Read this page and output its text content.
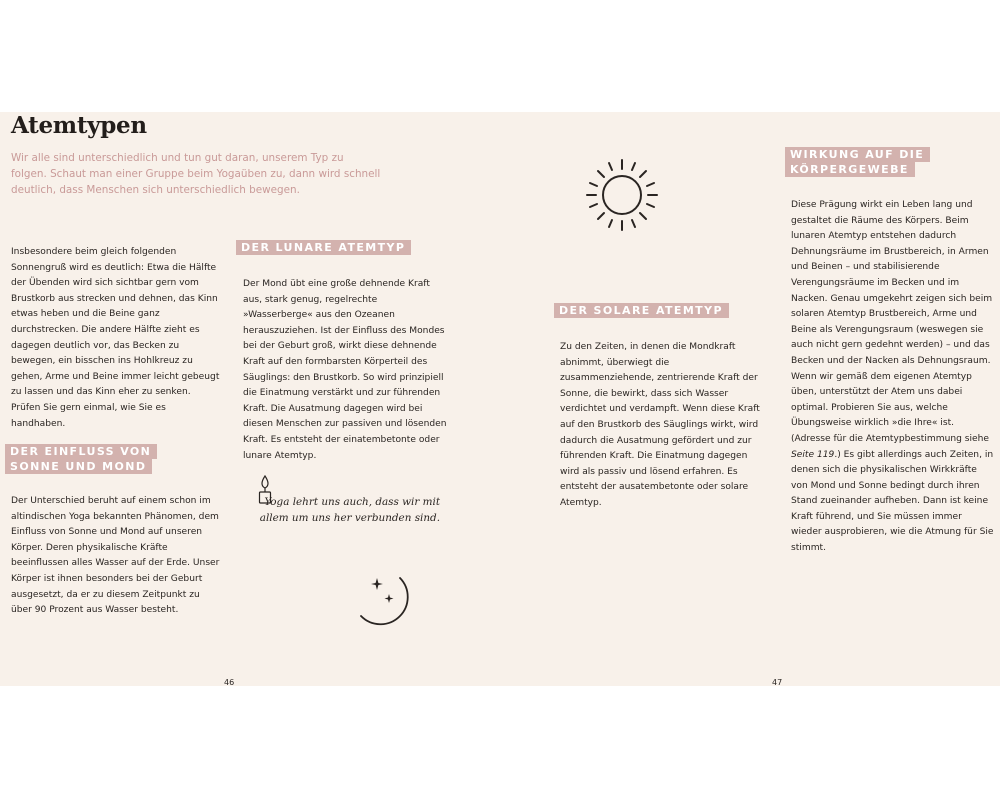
Atemtypen
Wir alle sind unterschiedlich und tun gut daran, unserem Typ zu folgen. Schaut man einer Gruppe beim Yogaüben zu, dann wird schnell deutlich, dass Menschen sich unterschiedlich bewegen.
Insbesondere beim gleich folgenden Sonnengruß wird es deutlich: Etwa die Hälfte der Übenden wird sich sichtbar gern vom Brustkorb aus strecken und dehnen, das Kinn etwas heben und die Beine ganz durchstrecken. Die andere Hälfte zieht es dagegen deutlich vor, das Becken zu bewegen, ein bisschen ins Hohlkreuz zu gehen, Arme und Beine immer leicht gebeugt zu lassen und das Kinn eher zu senken. Prüfen Sie gern einmal, wie Sie es handhaben.
DER EINFLUSS VON SONNE UND MOND
Der Unterschied beruht auf einem schon im altindischen Yoga bekannten Phänomen, dem Einfluss von Sonne und Mond auf unseren Körper. Deren physikalische Kräfte beeinflussen alles Wasser auf der Erde. Unser Körper ist ihnen besonders bei der Geburt ausgesetzt, da er zu diesem Zeitpunkt zu über 90 Prozent aus Wasser besteht.
DER LUNARE ATEMTYP
Der Mond übt eine große dehnende Kraft aus, stark genug, regelrechte »Wasserberge« aus den Ozeanen herauszuziehen. Ist der Einfluss des Mondes bei der Geburt groß, wirkt diese dehnende Kraft auf den formbarsten Körperteil des Säuglings: den Brustkorb. So wird prinzipiell die Einatmung verstärkt und zur führenden Kraft. Die Ausatmung dagegen wird bei diesen Menschen zur passiven und lösenden Kraft. Es entsteht der einatembetonte oder lunare Atemtyp.
Yoga lehrt uns auch, dass wir mit allem um uns her verbunden sind.
46
DER SOLARE ATEMTYP
Zu den Zeiten, in denen die Mondkraft abnimmt, überwiegt die zusammenziehende, zentrierende Kraft der Sonne, die bewirkt, dass sich Wasser verdichtet und verdampft. Wenn diese Kraft auf den Brustkorb des Säuglings wirkt, wird dadurch die Ausatmung gefördert und zur führenden Kraft. Die Einatmung dagegen wird als passiv und lösend erfahren. Es entsteht der ausatembetonte oder solare Atemtyp.
WIRKUNG AUF DIE KÖRPERGEWEBE
Diese Prägung wirkt ein Leben lang und gestaltet die Räume des Körpers. Beim lunaren Atemtyp entstehen dadurch Dehnungsräume im Brustbereich, in Armen und Beinen – und stabilisierende Verengungsräume im Becken und im Nacken. Genau umgekehrt zeigen sich beim solaren Atemtyp Brustbereich, Arme und Beine als Verengungsraum (weswegen sie auch nicht gern gedehnt werden) – und das Becken und der Nacken als Dehnungsraum. Wenn wir gemäß dem eigenen Atemtyp üben, unterstützt der Atem uns dabei optimal. Probieren Sie aus, welche Übungsweise wirklich »die Ihre« ist. (Adresse für die Atemtypbestimmung siehe Seite 119.) Es gibt allerdings auch Zeiten, in denen sich die physikalischen Wirkkräfte von Mond und Sonne bedingt durch ihren Stand zueinander aufheben. Dann ist keine Kraft führend, und Sie müssen immer wieder ausprobieren, wie die Atmung für Sie stimmt.
47
